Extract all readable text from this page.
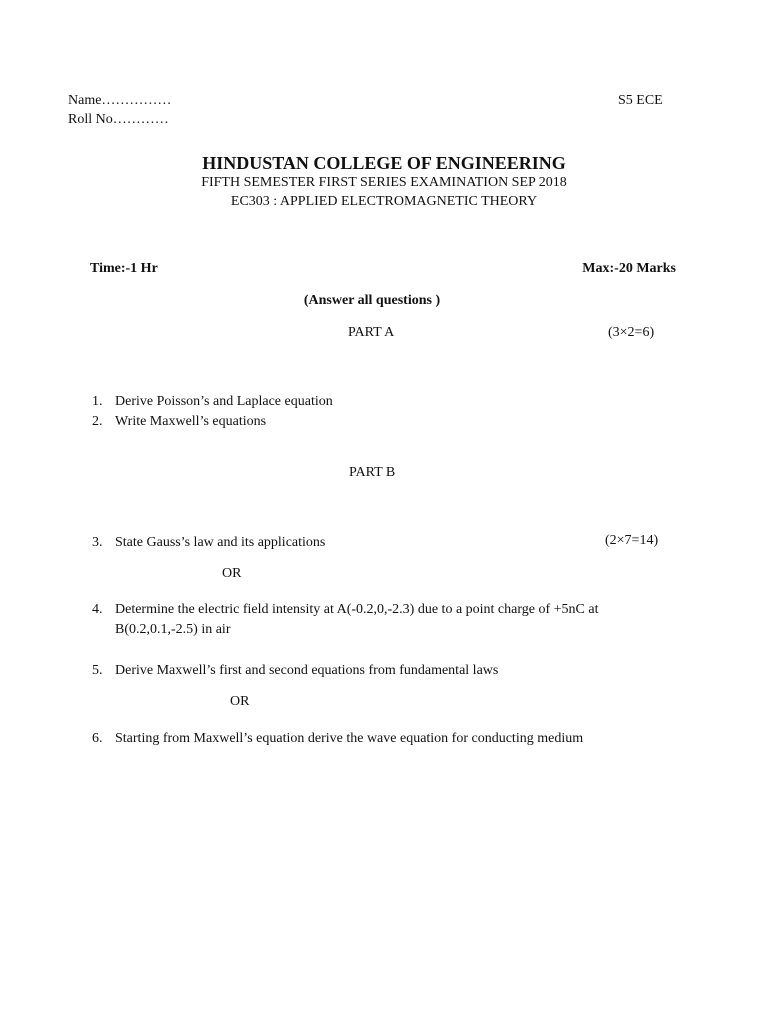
Name……………
Roll No…………
S5 ECE
HINDUSTAN COLLEGE OF ENGINEERING
FIFTH SEMESTER FIRST SERIES EXAMINATION SEP 2018
EC303 : APPLIED ELECTROMAGNETIC THEORY
Time:-1 Hr	Max:-20 Marks
(Answer all questions )
PART A	(3×2=6)
1. Derive Poisson’s and Laplace equation
2. Write Maxwell’s equations
PART B
3. State Gauss’s law and its applications	(2×7=14)
OR
4. Determine the electric field intensity at A(-0.2,0,-2.3) due to a point charge of +5nC at B(0.2,0.1,-2.5) in air
5. Derive Maxwell’s first and second equations from fundamental laws
OR
6. Starting from Maxwell’s equation derive the wave equation for conducting medium
